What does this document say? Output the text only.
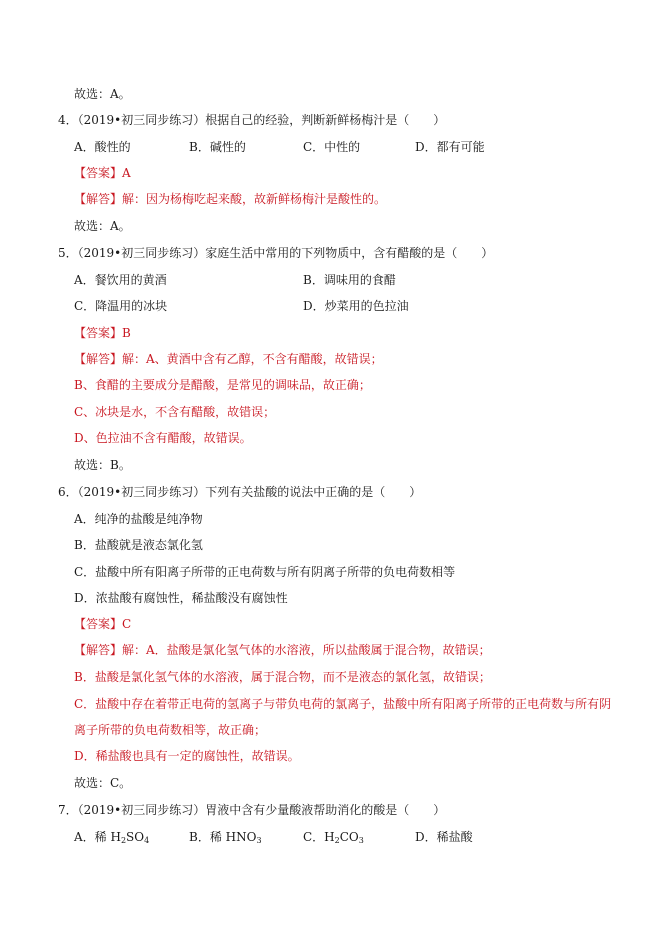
故选：A。
4．（2019•初三同步练习）根据自己的经验，判断新鲜杨梅汁是（　　）
A．酸性的	B．碱性的	C．中性的	D．都有可能
【答案】A
【解答】解：因为杨梅吃起来酸，故新鲜杨梅汁是酸性的。
故选：A。
5．（2019•初三同步练习）家庭生活中常用的下列物质中，含有醋酸的是（　　）
A．餐饮用的黄酒	B．调味用的食醋
C．降温用的冰块	D．炒菜用的色拉油
【答案】B
【解答】解：A、黄酒中含有乙醇，不含有醋酸，故错误；
B、食醋的主要成分是醋酸，是常见的调味品，故正确；
C、冰块是水，不含有醋酸，故错误；
D、色拉油不含有醋酸，故错误。
故选：B。
6．（2019•初三同步练习）下列有关盐酸的说法中正确的是（　　）
A．纯净的盐酸是纯净物
B．盐酸就是液态氯化氢
C．盐酸中所有阳离子所带的正电荷数与所有阴离子所带的负电荷数相等
D．浓盐酸有腐蚀性，稀盐酸没有腐蚀性
【答案】C
【解答】解：A．盐酸是氯化氢气体的水溶液，所以盐酸属于混合物，故错误；
B．盐酸是氯化氢气体的水溶液，属于混合物，而不是液态的氯化氢，故错误；
C．盐酸中存在着带正电荷的氢离子与带负电荷的氯离子，盐酸中所有阳离子所带的正电荷数与所有阴
离子所带的负电荷数相等，故正确；
D．稀盐酸也具有一定的腐蚀性，故错误。
故选：C。
7．（2019•初三同步练习）胃液中含有少量酸液帮助消化的酸是（　　）
A．稀 $H_2SO_4$	B．稀 $HNO_3$	C．$H_2CO_3$	D．稀盐酸
